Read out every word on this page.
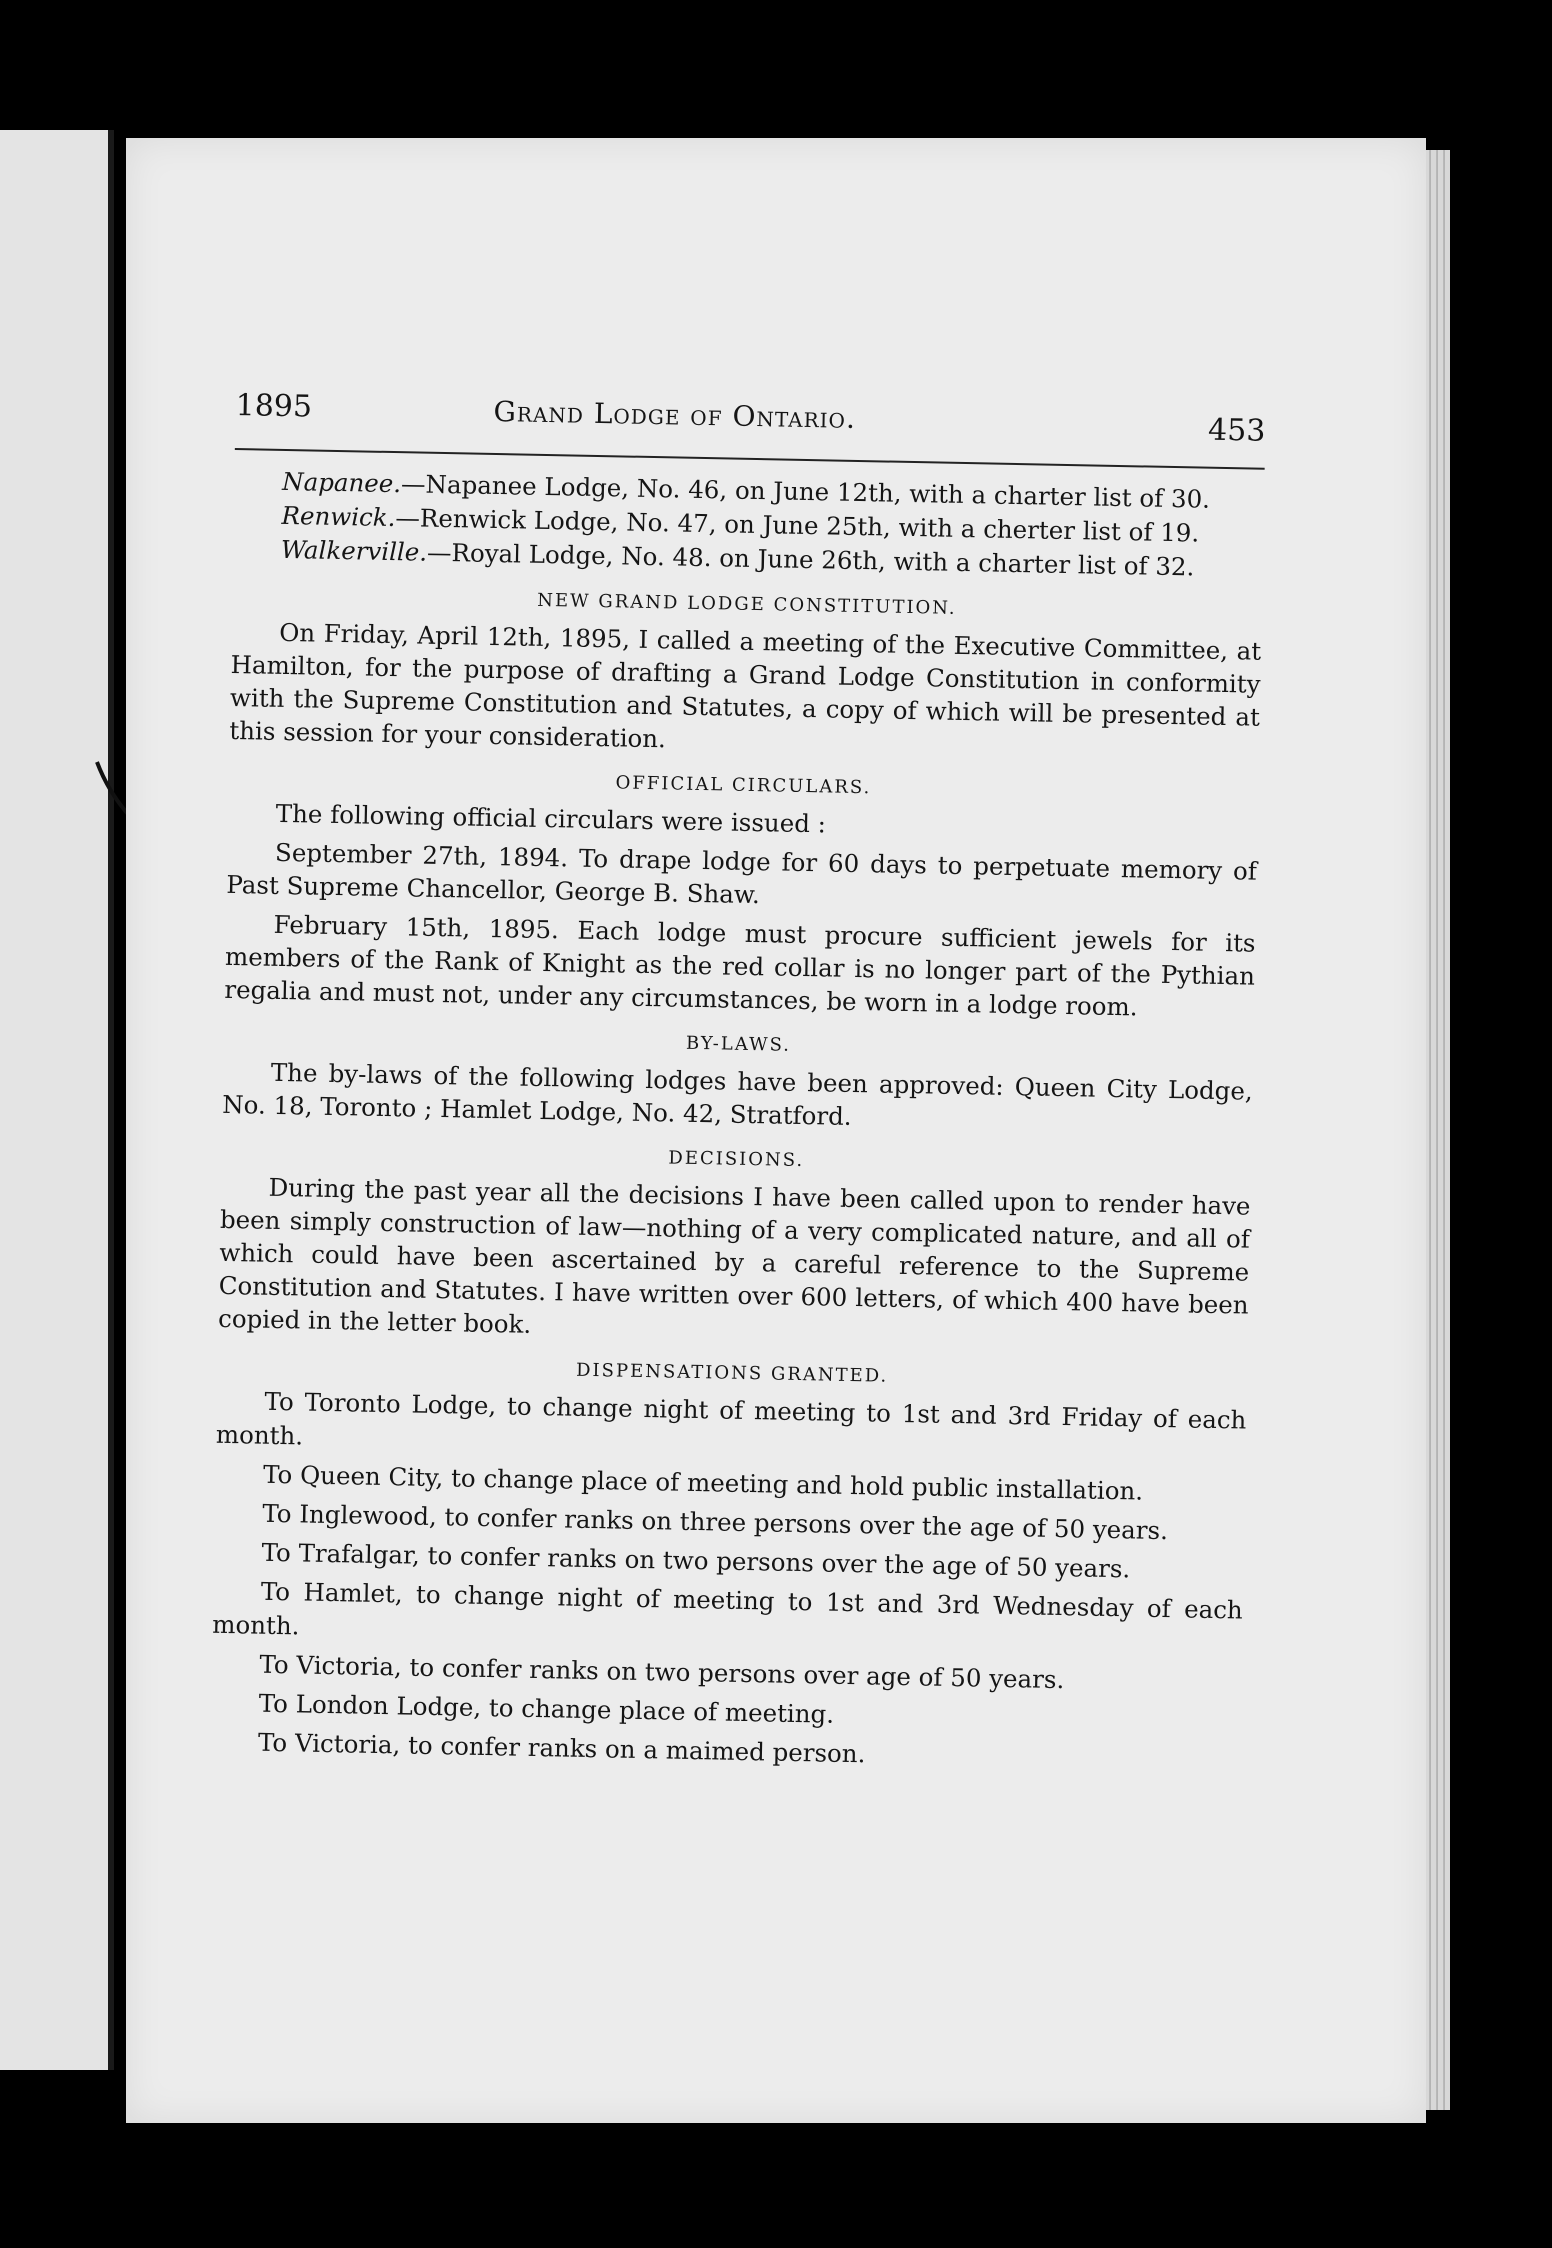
1895	Grand Lodge of Ontario.	453

Napanee.—Napanee Lodge, No. 46, on June 12th, with a charter list of 30.

Renwick.—Renwick Lodge, No. 47, on June 25th, with a cherter list of 19.

Walkerville.—Royal Lodge, No. 48. on June 26th, with a charter list of 32.

NEW GRAND LODGE CONSTITUTION.

On Friday, April 12th, 1895, I called a meeting of the Executive Committee, at Hamilton, for the purpose of drafting a Grand Lodge Constitution in conformity with the Supreme Constitution and Statutes, a copy of which will be presented at this session for your consideration.

OFFICIAL CIRCULARS.

The following official circulars were issued :

September 27th, 1894. To drape lodge for 60 days to perpetuate memory of Past Supreme Chancellor, George B. Shaw.

February 15th, 1895. Each lodge must procure sufficient jewels for its members of the Rank of Knight as the red collar is no longer part of the Pythian regalia and must not, under any circumstances, be worn in a lodge room.

BY-LAWS.

The by-laws of the following lodges have been approved: Queen City Lodge, No. 18, Toronto ; Hamlet Lodge, No. 42, Stratford.

DECISIONS.

During the past year all the decisions I have been called upon to render have been simply construction of law—nothing of a very complicated nature, and all of which could have been ascertained by a careful reference to the Supreme Constitution and Statutes. I have written over 600 letters, of which 400 have been copied in the letter book.

DISPENSATIONS GRANTED.

To Toronto Lodge, to change night of meeting to 1st and 3rd Friday of each month.

To Queen City, to change place of meeting and hold public installation.

To Inglewood, to confer ranks on three persons over the age of 50 years.

To Trafalgar, to confer ranks on two persons over the age of 50 years.

To Hamlet, to change night of meeting to 1st and 3rd Wednesday of each month.

To Victoria, to confer ranks on two persons over age of 50 years.

To London Lodge, to change place of meeting.

To Victoria, to confer ranks on a maimed person.
